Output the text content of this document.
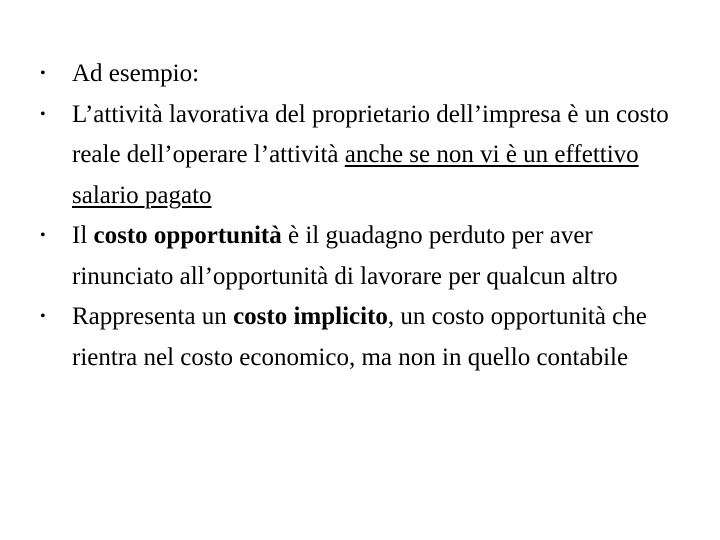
• Ad esempio:
• L’attività lavorativa del proprietario dell’impresa è un costo reale dell’operare l’attività anche se non vi è un effettivo salario pagato
• Il costo opportunità è il guadagno perduto per aver rinunciato all’opportunità di lavorare per qualcun altro
• Rappresenta un costo implicito, un costo opportunità che rientra nel costo economico, ma non in quello contabile
